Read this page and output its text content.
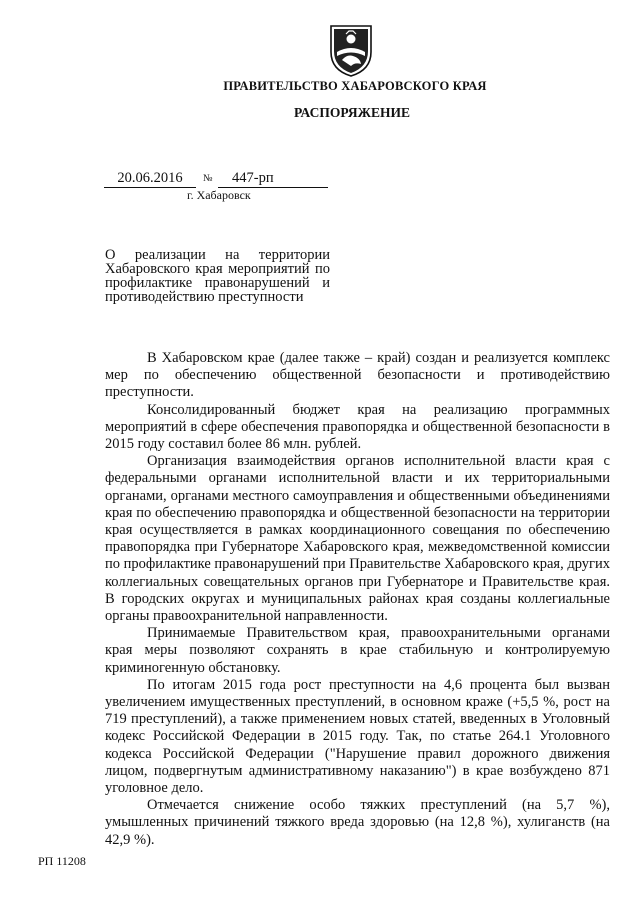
ПРАВИТЕЛЬСТВО ХАБАРОВСКОГО КРАЯ
РАСПОРЯЖЕНИЕ
20.06.2016	№	447-рп
г. Хабаровск
О реализации на территории Хабаровского края мероприятий по профилактике правонарушений и противодействию преступности

В Хабаровском крае (далее также – край) создан и реализуется комплекс мер по обеспечению общественной безопасности и противодействию преступности.

Консолидированный бюджет края на реализацию программных мероприятий в сфере обеспечения правопорядка и общественной безопасности в 2015 году составил более 86 млн. рублей.

Организация взаимодействия органов исполнительной власти края с федеральными органами исполнительной власти и их территориальными органами, органами местного самоуправления и общественными объединениями края по обеспечению правопорядка и общественной безопасности на территории края осуществляется в рамках координационного совещания по обеспечению правопорядка при Губернаторе Хабаровского края, межведомственной комиссии по профилактике правонарушений при Правительстве Хабаровского края, других коллегиальных совещательных органов при Губернаторе и Правительстве края. В городских округах и муниципальных районах края созданы коллегиальные органы правоохранительной направленности.

Принимаемые Правительством края, правоохранительными органами края меры позволяют сохранять в крае стабильную и контролируемую криминогенную обстановку.

По итогам 2015 года рост преступности на 4,6 процента был вызван увеличением имущественных преступлений, в основном краже (+5,5 %, рост на 719 преступлений), а также применением новых статей, введенных в Уголовный кодекс Российской Федерации в 2015 году. Так, по статье 264.1 Уголовного кодекса Российской Федерации ("Нарушение правил дорожного движения лицом, подвергнутым административному наказанию") в крае возбуждено 871 уголовное дело.

Отмечается снижение особо тяжких преступлений (на 5,7 %), умышленных причинений тяжкого вреда здоровью (на 12,8 %), хулиганств (на 42,9 %).

РП 11208
